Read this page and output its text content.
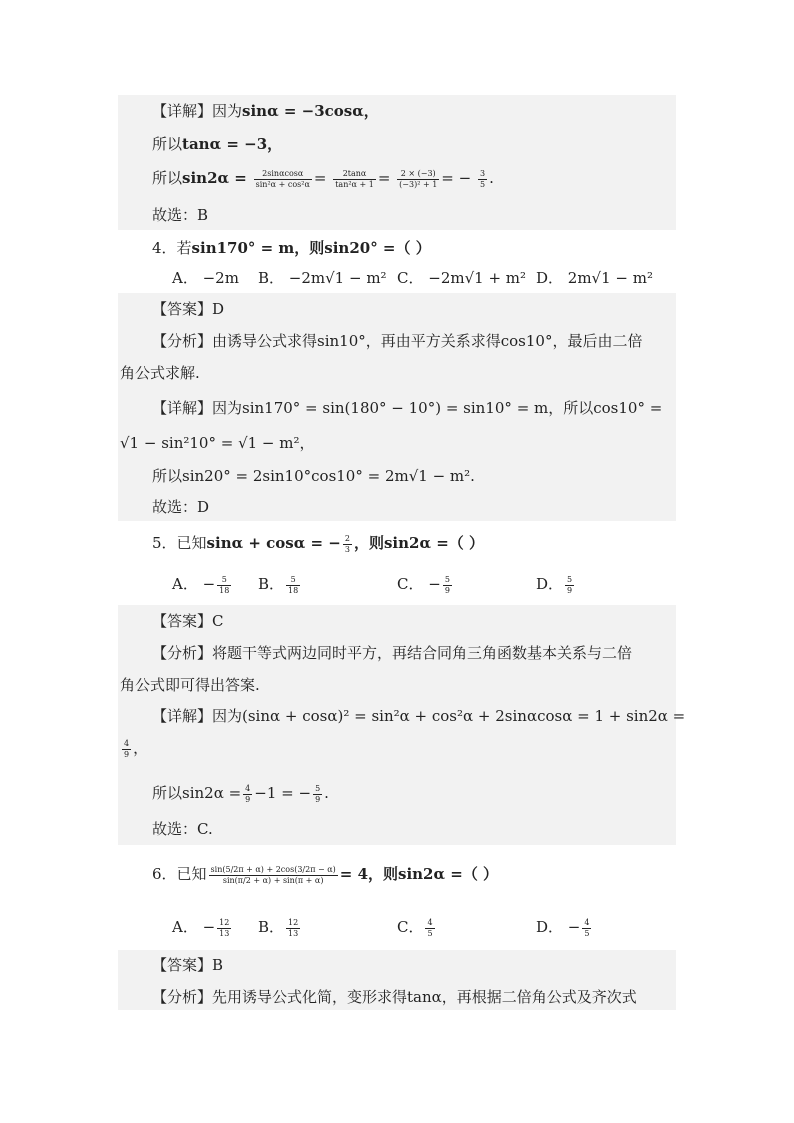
【详解】因为sinα = −3cosα，
所以tanα = −3，
所以$\sin 2\alpha = \frac{2\sin\alpha\cos\alpha}{\text{sin²α + cos²α}} = \frac{2\tan\alpha}{\text{tan²α + 1}} = \frac{2 \times (-3)}{\text{(−3)² + 1}}$ = − $\frac{3}{5}$ .
故选：B
4．若sin170° = m，则sin20° =（ ）
A． −2m B． −2m√1 − m² C． −2m√1 + m² D． 2m√1 − m²
【答案】D
【分析】由诱导公式求得sin10°，再由平方关系求得cos10°，最后由二倍
角公式求解.
【详解】因为sin170° = sin(180° − 10°) = sin10° = m，所以cos10° =
√1 − sin²10° = √1 − m²，
所以sin20° = 2sin10°cos10° = 2m√1 − m².
故选：D
5．已知sinα + cosα = − $\frac{2}{3}$ ，则sin2α =（ ）
A． − $\frac{5}{18}$ B． $\frac{5}{18}$	C． − $\frac{5}{9}$	D． $\frac{5}{9}$
【答案】C
【分析】将题干等式两边同时平方，再结合同角三角函数基本关系与二倍
角公式即可得出答案.
【详解】因为(sinα + cosα)² = sin²α + cos²α + 2sinαcosα = 1 + sin2α =
$\frac{4}{9}$ ，
所以$\sin 2\alpha = \frac{4}{9} -1$ = − $\frac{5}{9}$ .
故选：C.
6．已知 $\frac{\sin(5/2\pi + \alpha) + 2\cos(3/2\pi - \alpha)}{\sin(\pi/2 + \alpha) + \sin(\pi + \alpha)} = 4$，则sin2α =（ ）
A． − $\frac{12}{13}$ B． $\frac{12}{13}$	C． $\frac{4}{5}$	D． − $\frac{4}{5}$
【答案】B
【分析】先用诱导公式化简，变形求得tanα，再根据二倍角公式及齐次式
